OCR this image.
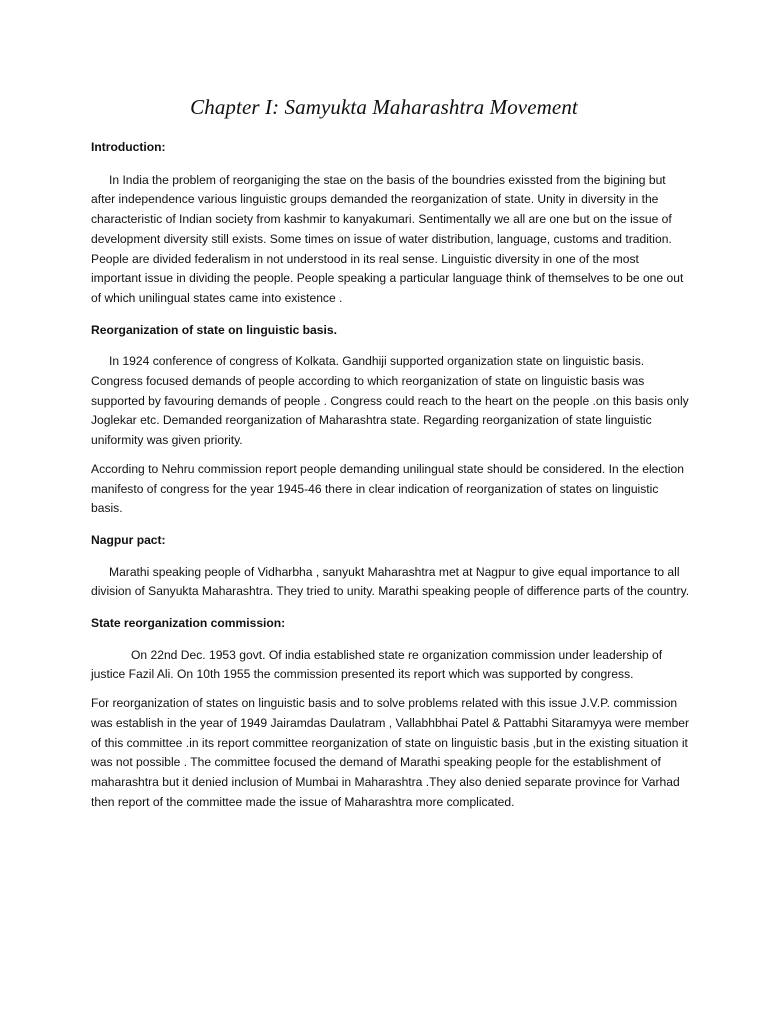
Chapter I: Samyukta Maharashtra Movement

Introduction:

In India the problem of reorganiging the stae on the basis of the boundries exissted from the bigining but after independence various linguistic groups demanded the reorganization of state. Unity in diversity in the characteristic of Indian society from kashmir to kanyakumari. Sentimentally we all are one but on the issue of development diversity still exists. Some times on issue of water distribution, language, customs and tradition. People are divided federalism in not understood in its real sense. Linguistic diversity in one of the most important issue in dividing the people. People speaking a particular language think of themselves to be one out of which unilingual states came into existence .

Reorganization of state on linguistic basis.

In 1924 conference of congress of Kolkata. Gandhiji supported organization state on linguistic basis. Congress focused demands of people according to which reorganization of state on linguistic basis was supported by favouring demands of people . Congress could reach to the heart on the people .on this basis only Joglekar etc. Demanded reorganization of Maharashtra state. Regarding reorganization of state linguistic uniformity was given priority.

According to Nehru commission report people demanding unilingual state should be considered. In the election manifesto of congress for the year 1945-46 there in clear indication of reorganization of states on linguistic basis.

Nagpur pact:

Marathi speaking people of Vidharbha , sanyukt Maharashtra met at Nagpur to give equal importance to all division of Sanyukta Maharashtra. They tried to unity. Marathi speaking people of difference parts of the country.

State reorganization commission:

On 22nd Dec. 1953 govt. Of india established state re organization commission under leadership of justice Fazil Ali. On 10th 1955 the commission presented its report which was supported by congress.

For reorganization of states on linguistic basis and to solve problems related with this issue J.V.P. commission was establish in the year of 1949 Jairamdas Daulatram , Vallabhbhai Patel & Pattabhi Sitaramyya were member of this committee .in its report committee reorganization of state on linguistic basis ,but in the existing situation it was not possible . The committee focused the demand of Marathi speaking people for the establishment of maharashtra but it denied inclusion of Mumbai in Maharashtra .They also denied separate province for Varhad then report of the committee made the issue of Maharashtra more complicated.
